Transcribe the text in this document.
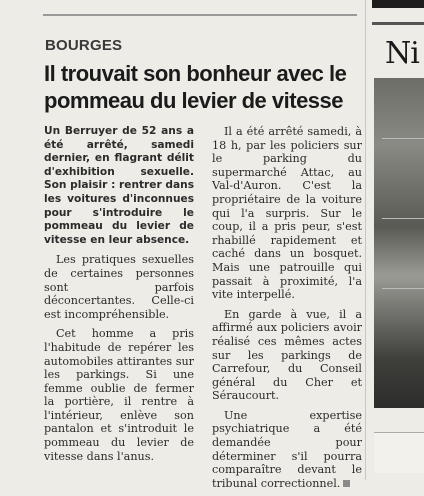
Ni
BOURGES
Il trouvait son bonheur avec le pommeau du levier de vitesse

Un Berruyer de 52 ans a été arrêté, samedi dernier, en flagrant délit d'exhibition sexuelle. Son plaisir : rentrer dans les voitures d'inconnues pour s'introduire le pommeau du levier de vitesse en leur absence.

Les pratiques sexuelles de certaines personnes sont parfois déconcertantes. Celle-ci est incompréhensible.

Cet homme a pris l'habitude de repérer les automobiles attirantes sur les parkings. Si une femme oublie de fermer la portière, il rentre à l'intérieur, enlève son pantalon et s'introduit le pommeau du levier de vitesse dans l'anus.

Il a été arrêté samedi, à 18 h, par les policiers sur le parking du supermarché Attac, au Val-d'Auron. C'est la propriétaire de la voiture qui l'a surpris. Sur le coup, il a pris peur, s'est rhabillé rapidement et caché dans un bosquet. Mais une patrouille qui passait à proximité, l'a vite interpellé.

En garde à vue, il a affirmé aux policiers avoir réalisé ces mêmes actes sur les parkings de Carrefour, du Conseil général du Cher et Séraucourt.

Une expertise psychiatrique a été demandée pour déterminer s'il pourra comparaître devant le tribunal correctionnel.
